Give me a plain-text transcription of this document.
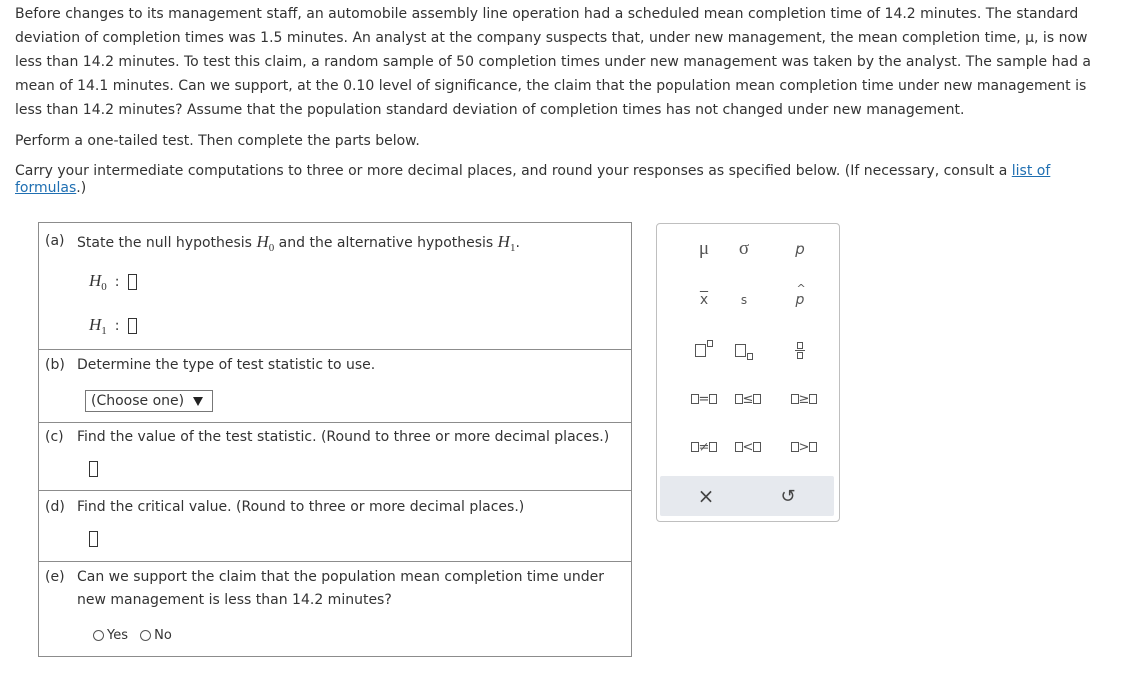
Before changes to its management staff, an automobile assembly line operation had a scheduled mean completion time of 14.2 minutes. The standard

deviation of completion times was 1.5 minutes. An analyst at the company suspects that, under new management, the mean completion time, μ, is now

less than 14.2 minutes. To test this claim, a random sample of 50 completion times under new management was taken by the analyst. The sample had a

mean of 14.1 minutes. Can we support, at the 0.10 level of significance, the claim that the population mean completion time under new management is

less than 14.2 minutes? Assume that the population standard deviation of completion times has not changed under new management.

Perform a one-tailed test. Then complete the parts below.
Carry your intermediate computations to three or more decimal places, and round your responses as specified below. (If necessary, consult a list of
formulas.)
(a) State the null hypothesis $H_0$ and the alternative hypothesis $H_1$.
$H_0$ :
$H_1$ :
(b) Determine the type of test statistic to use.
(Choose one)
(c) Find the value of the test statistic. (Round to three or more decimal places.)
(d) Find the critical value. (Round to three or more decimal places.)
(e) Can we support the claim that the population mean completion time under
new management is less than 14.2 minutes?
Yes
No
μ σ	p
$\overline{x}$	s
^
p
=	≤	≥
≠	<	>
×	↺
